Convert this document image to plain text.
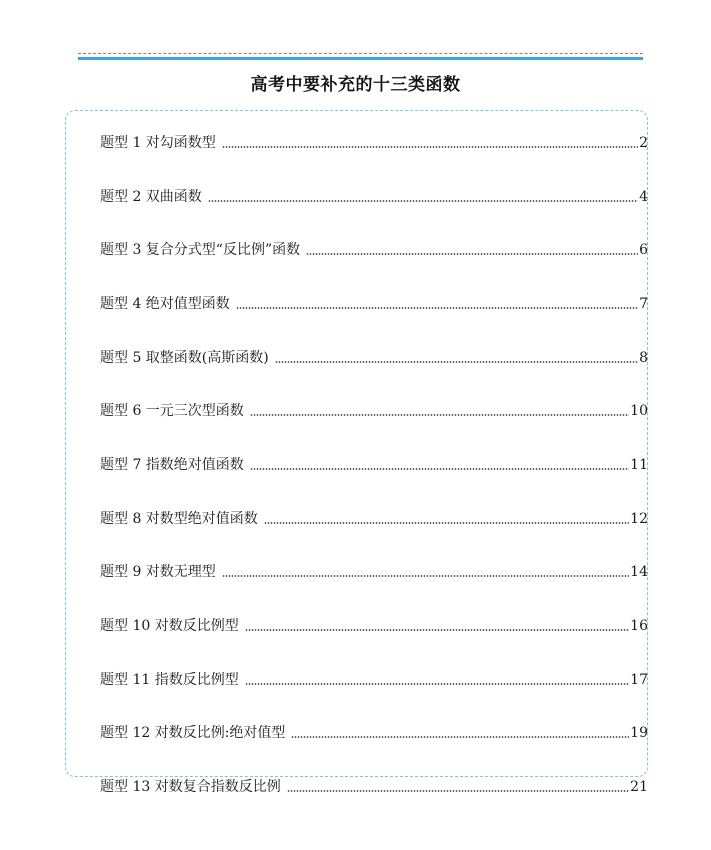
高考中要补充的十三类函数
题型 1 对勾函数型	2
题型 2 双曲函数	4
题型 3 复合分式型“反比例”函数	6
题型 4 绝对值型函数	7
题型 5 取整函数(高斯函数)	8
题型 6 一元三次型函数	10
题型 7 指数绝对值函数	11
题型 8 对数型绝对值函数	12
题型 9 对数无理型	14
题型 10 对数反比例型	16
题型 11 指数反比例型	17
题型 12 对数反比例:绝对值型	19
题型 13 对数复合指数反比例	21
